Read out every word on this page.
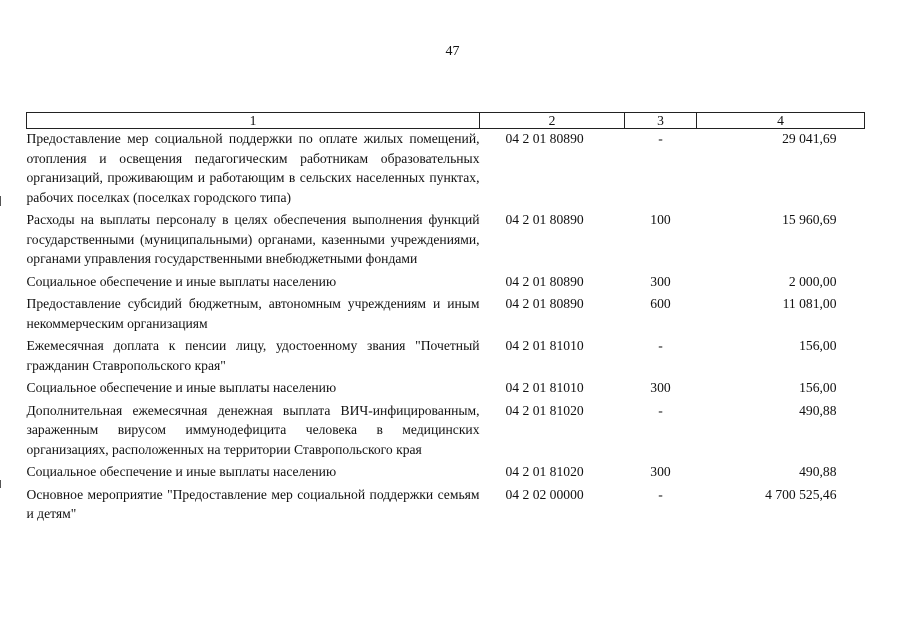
47
1	2	3	4
Предоставление мер социальной поддержки по оплате жилых помещений, отопления и освещения педагогическим работникам образовательных организаций, проживающим и работающим в сельских населенных пунктах, рабочих поселках (поселках городского типа)	04 2 01 80890	-	29 041,69
Расходы на выплаты персоналу в целях обеспечения выполнения функций государственными (муниципальными) органами, казенными учреждениями, органами управления государственными внебюджетными фондами	04 2 01 80890	100	15 960,69
Социальное обеспечение и иные выплаты населению	04 2 01 80890	300	2 000,00
Предоставление субсидий бюджетным, автономным учреждениям и иным некоммерческим организациям	04 2 01 80890	600	11 081,00
Ежемесячная доплата к пенсии лицу, удостоенному звания "Почетный гражданин Ставропольского края"	04 2 01 81010	-	156,00
Социальное обеспечение и иные выплаты населению	04 2 01 81010	300	156,00
Дополнительная ежемесячная денежная выплата ВИЧ-инфицированным, зараженным вирусом иммунодефицита человека в медицинских организациях, расположенных на территории Ставропольского края	04 2 01 81020	-	490,88
Социальное обеспечение и иные выплаты населению	04 2 01 81020	300	490,88
Основное мероприятие "Предоставление мер социальной поддержки семьям и детям"	04 2 02 00000	-	4 700 525,46
